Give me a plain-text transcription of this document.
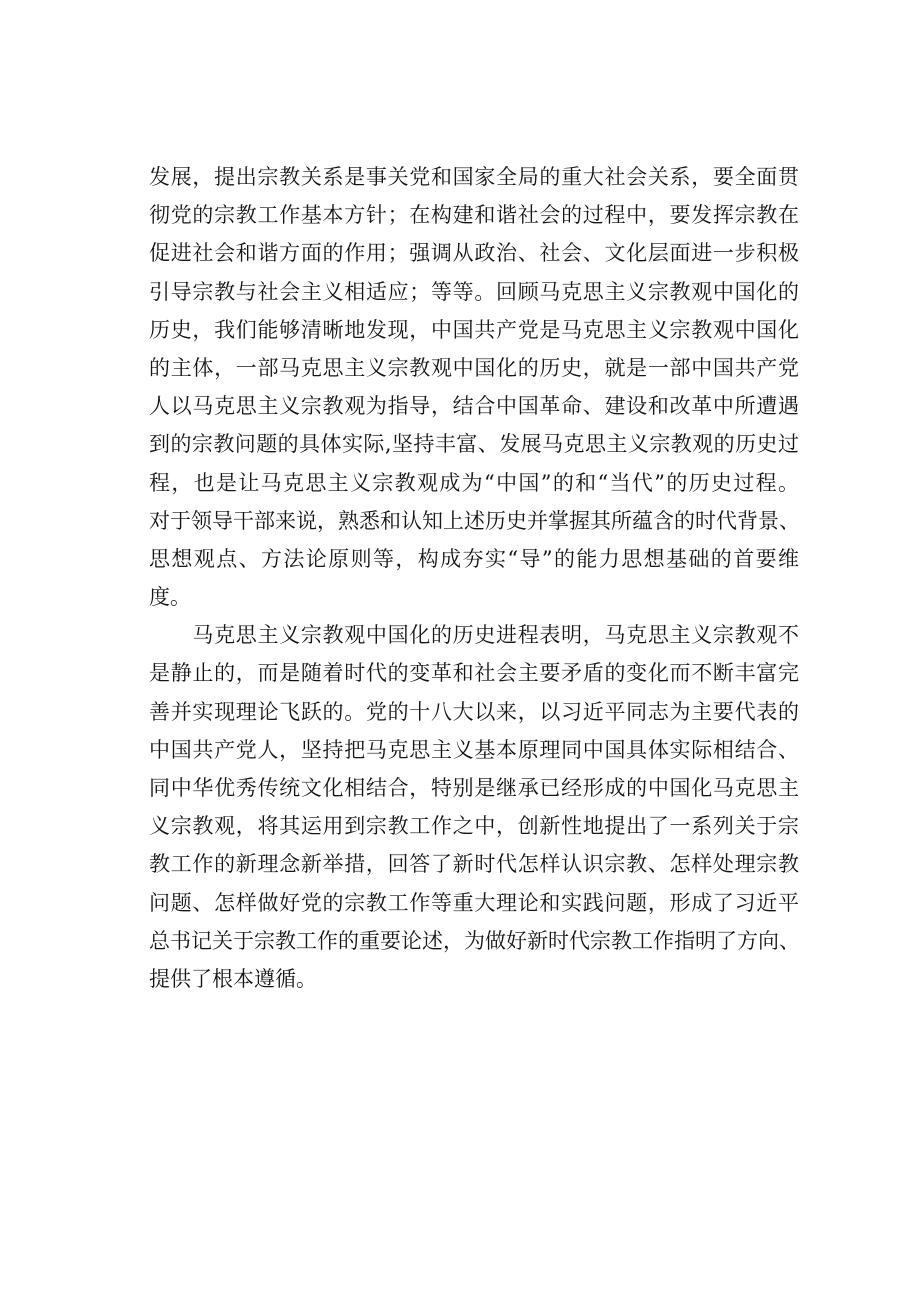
发展，提出宗教关系是事关党和国家全局的重大社会关系，要全面贯
彻党的宗教工作基本方针；在构建和谐社会的过程中，要发挥宗教在
促进社会和谐方面的作用；强调从政治、社会、文化层面进一步积极
引导宗教与社会主义相适应；等等。回顾马克思主义宗教观中国化的
历史，我们能够清晰地发现，中国共产党是马克思主义宗教观中国化
的主体，一部马克思主义宗教观中国化的历史，就是一部中国共产党
人以马克思主义宗教观为指导，结合中国革命、建设和改革中所遭遇
到的宗教问题的具体实际,坚持丰富、发展马克思主义宗教观的历史过
程，也是让马克思主义宗教观成为“中国”的和“当代”的历史过程。
对于领导干部来说，熟悉和认知上述历史并掌握其所蕴含的时代背景、
思想观点、方法论原则等，构成夯实“导”的能力思想基础的首要维
度。
　　马克思主义宗教观中国化的历史进程表明，马克思主义宗教观不
是静止的，而是随着时代的变革和社会主要矛盾的变化而不断丰富完
善并实现理论飞跃的。党的十八大以来，以习近平同志为主要代表的
中国共产党人，坚持把马克思主义基本原理同中国具体实际相结合、
同中华优秀传统文化相结合，特别是继承已经形成的中国化马克思主
义宗教观，将其运用到宗教工作之中，创新性地提出了一系列关于宗
教工作的新理念新举措，回答了新时代怎样认识宗教、怎样处理宗教
问题、怎样做好党的宗教工作等重大理论和实践问题，形成了习近平
总书记关于宗教工作的重要论述，为做好新时代宗教工作指明了方向、
提供了根本遵循。
